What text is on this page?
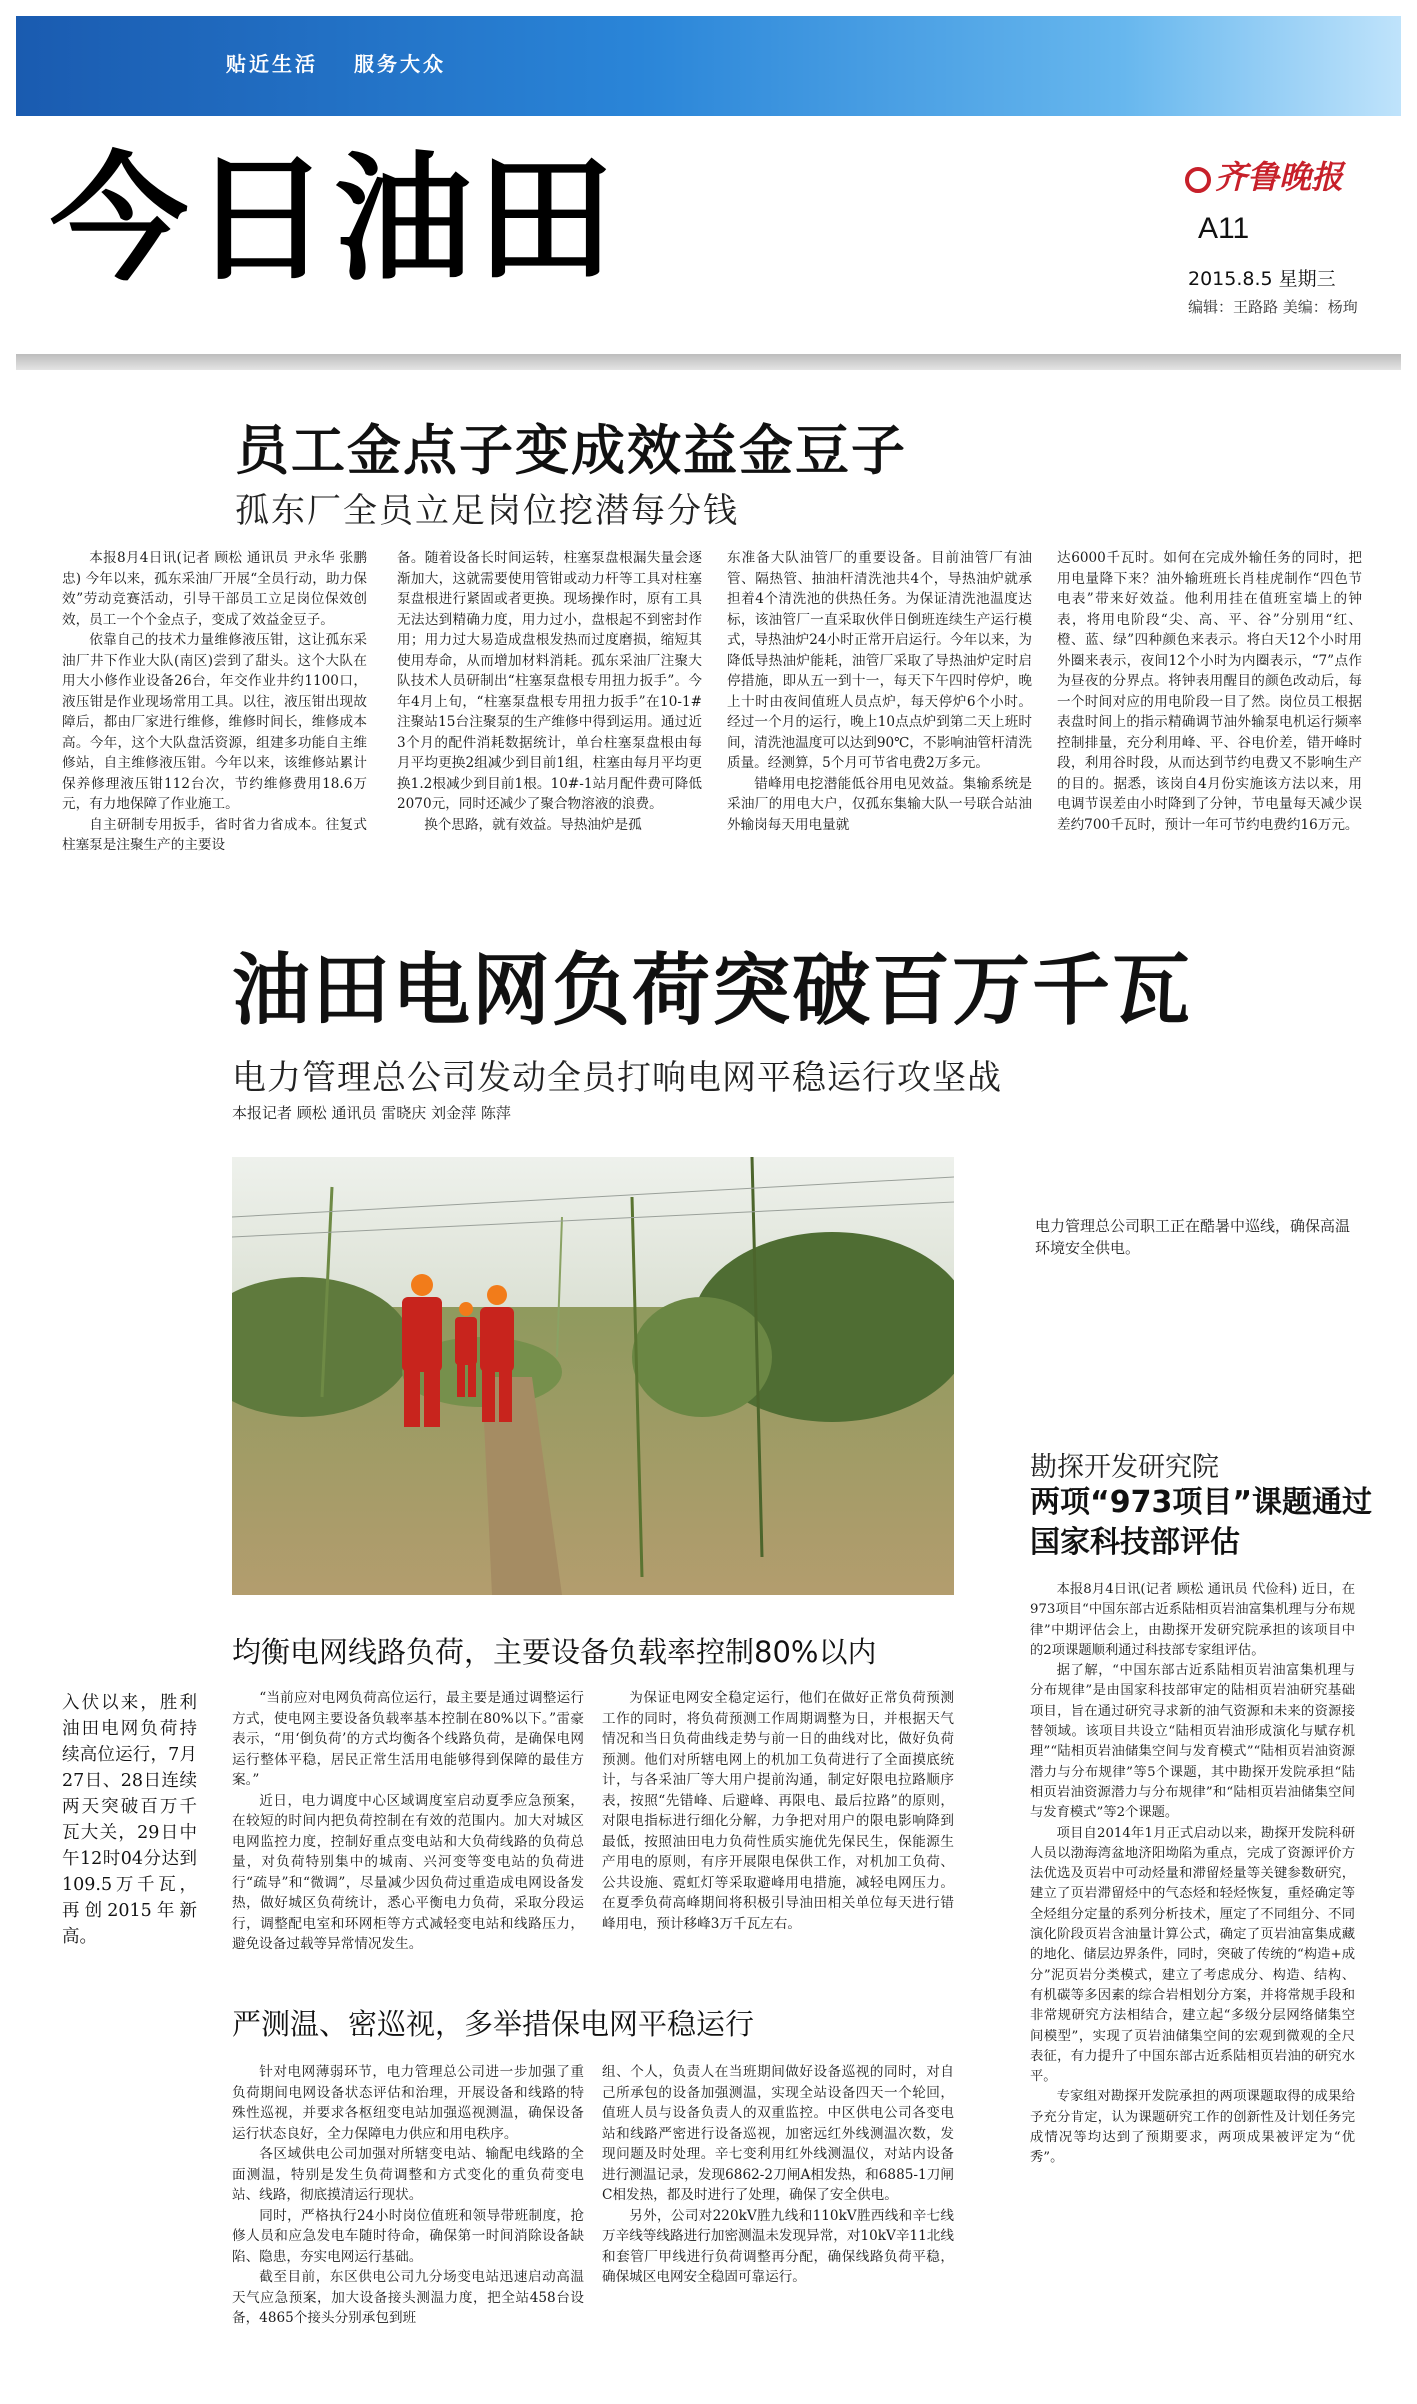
贴近生活 服务大众
今日油田	齐鲁晚报
A11
2015.8.5 星期三
编辑：王路路 美编：杨珣
员工金点子变成效益金豆子
孤东厂全员立足岗位挖潜每分钱

本报8月4日讯(记者 顾松 通讯员 尹永华 张鹏忠) 今年以来，孤东采油厂开展“全员行动，助力保效”劳动竞赛活动，引导干部员工立足岗位保效创效，员工一个个金点子，变成了效益金豆子。

依靠自己的技术力量维修液压钳，这让孤东采油厂井下作业大队(南区)尝到了甜头。这个大队在用大小修作业设备26台，年交作业井约1100口，液压钳是作业现场常用工具。以往，液压钳出现故障后，都由厂家进行维修，维修时间长，维修成本高。今年，这个大队盘活资源，组建多功能自主维修站，自主维修液压钳。今年以来，该维修站累计保养修理液压钳112台次，节约维修费用18.6万元，有力地保障了作业施工。

自主研制专用扳手，省时省力省成本。往复式柱塞泵是注聚生产的主要设

备。随着设备长时间运转，柱塞泵盘根漏失量会逐渐加大，这就需要使用管钳或动力杆等工具对柱塞泵盘根进行紧固或者更换。现场操作时，原有工具无法达到精确力度，用力过小，盘根起不到密封作用；用力过大易造成盘根发热而过度磨损，缩短其使用寿命，从而增加材料消耗。孤东采油厂注聚大队技术人员研制出“柱塞泵盘根专用扭力扳手”。今年4月上旬，“柱塞泵盘根专用扭力扳手”在10-1#注聚站15台注聚泵的生产维修中得到运用。通过近3个月的配件消耗数据统计，单台柱塞泵盘根由每月平均更换2组减少到目前1组，柱塞由每月平均更换1.2根减少到目前1根。10#-1站月配件费可降低2070元，同时还减少了聚合物溶液的浪费。

换个思路，就有效益。导热油炉是孤

东准备大队油管厂的重要设备。目前油管厂有油管、隔热管、抽油杆清洗池共4个，导热油炉就承担着4个清洗池的供热任务。为保证清洗池温度达标，该油管厂一直采取伙伴日倒班连续生产运行模式，导热油炉24小时正常开启运行。今年以来，为降低导热油炉能耗，油管厂采取了导热油炉定时启停措施，即从五一到十一，每天下午四时停炉，晚上十时由夜间值班人员点炉，每天停炉6个小时。经过一个月的运行，晚上10点点炉到第二天上班时间，清洗池温度可以达到90℃，不影响油管杆清洗质量。经测算，5个月可节省电费2万多元。

错峰用电挖潜能低谷用电见效益。集输系统是采油厂的用电大户，仅孤东集输大队一号联合站油外输岗每天用电量就

达6000千瓦时。如何在完成外输任务的同时，把用电量降下来？油外输班班长肖桂虎制作“四色节电表”带来好效益。他利用挂在值班室墙上的钟表，将用电阶段“尖、高、平、谷”分别用“红、橙、蓝、绿”四种颜色来表示。将白天12个小时用外圈来表示，夜间12个小时为内圈表示，“7”点作为昼夜的分界点。将钟表用醒目的颜色改动后，每一个时间对应的用电阶段一目了然。岗位员工根据表盘时间上的指示精确调节油外输泵电机运行频率控制排量，充分利用峰、平、谷电价差，错开峰时段，利用谷时段，从而达到节约电费又不影响生产的目的。据悉，该岗自4月份实施该方法以来，用电调节误差由小时降到了分钟，节电量每天减少误差约700千瓦时，预计一年可节约电费约16万元。

油田电网负荷突破百万千瓦
电力管理总公司发动全员打响电网平稳运行攻坚战
本报记者 顾松 通讯员 雷晓庆 刘金萍 陈萍
电力管理总公司职工正在酷暑中巡线，确保高温环境安全供电。
入伏以来，胜利油田电网负荷持续高位运行，7月27日、28日连续两天突破百万千瓦大关，29日中午12时04分达到109.5万千瓦，再创2015年新高。
均衡电网线路负荷，主要设备负载率控制80%以内

“当前应对电网负荷高位运行，最主要是通过调整运行方式，使电网主要设备负载率基本控制在80%以下。”雷豪表示，“用‘倒负荷’的方式均衡各个线路负荷，是确保电网运行整体平稳，居民正常生活用电能够得到保障的最佳方案。”

近日，电力调度中心区域调度室启动夏季应急预案，在较短的时间内把负荷控制在有效的范围内。加大对城区电网监控力度，控制好重点变电站和大负荷线路的负荷总量，对负荷特别集中的城南、兴河变等变电站的负荷进行“疏导”和“微调”，尽量减少因负荷过重造成电网设备发热，做好城区负荷统计，悉心平衡电力负荷，采取分段运行，调整配电室和环网柜等方式减轻变电站和线路压力，避免设备过载等异常情况发生。

为保证电网安全稳定运行，他们在做好正常负荷预测工作的同时，将负荷预测工作周期调整为日，并根据天气情况和当日负荷曲线走势与前一日的曲线对比，做好负荷预测。他们对所辖电网上的机加工负荷进行了全面摸底统计，与各采油厂等大用户提前沟通，制定好限电拉路顺序表，按照“先错峰、后避峰、再限电、最后拉路”的原则，对限电指标进行细化分解，力争把对用户的限电影响降到最低，按照油田电力负荷性质实施优先保民生，保能源生产用电的原则，有序开展限电保供工作，对机加工负荷、公共设施、霓虹灯等采取避峰用电措施，减轻电网压力。在夏季负荷高峰期间将积极引导油田相关单位每天进行错峰用电，预计移峰3万千瓦左右。

严测温、密巡视，多举措保电网平稳运行

针对电网薄弱环节，电力管理总公司进一步加强了重负荷期间电网设备状态评估和治理，开展设备和线路的特殊性巡视，并要求各枢纽变电站加强巡视测温，确保设备运行状态良好，全力保障电力供应和用电秩序。

各区域供电公司加强对所辖变电站、输配电线路的全面测温，特别是发生负荷调整和方式变化的重负荷变电站、线路，彻底摸清运行现状。

同时，严格执行24小时岗位值班和领导带班制度，抢修人员和应急发电车随时待命，确保第一时间消除设备缺陷、隐患，夯实电网运行基础。

截至目前，东区供电公司九分场变电站迅速启动高温天气应急预案，加大设备接头测温力度，把全站458台设备，4865个接头分别承包到班

组、个人，负责人在当班期间做好设备巡视的同时，对自己所承包的设备加强测温，实现全站设备四天一个轮回，值班人员与设备负责人的双重监控。中区供电公司各变电站和线路严密进行设备巡视，加密远红外线测温次数，发现问题及时处理。辛七变利用红外线测温仪，对站内设备进行测温记录，发现6862-2刀闸A相发热，和6885-1刀闸C相发热，都及时进行了处理，确保了安全供电。

另外，公司对220kV胜九线和110kV胜西线和辛七线万辛线等线路进行加密测温未发现异常，对10kV辛11北线和套管厂甲线进行负荷调整再分配，确保线路负荷平稳，确保城区电网安全稳固可靠运行。

勘探开发研究院
两项“973项目”课题通过国家科技部评估

本报8月4日讯(记者 顾松 通讯员 代俭科) 近日，在973项目“中国东部古近系陆相页岩油富集机理与分布规律”中期评估会上，由勘探开发研究院承担的该项目中的2项课题顺利通过科技部专家组评估。

据了解，“中国东部古近系陆相页岩油富集机理与分布规律”是由国家科技部审定的陆相页岩油研究基础项目，旨在通过研究寻求新的油气资源和未来的资源接替领域。该项目共设立“陆相页岩油形成演化与赋存机理”“陆相页岩油储集空间与发育模式”“陆相页岩油资源潜力与分布规律”等5个课题，其中勘探开发院承担“陆相页岩油资源潜力与分布规律”和“陆相页岩油储集空间与发育模式”等2个课题。

项目自2014年1月正式启动以来，勘探开发院科研人员以渤海湾盆地济阳坳陷为重点，完成了资源评价方法优选及页岩中可动烃量和滞留烃量等关键参数研究，建立了页岩滞留烃中的气态烃和轻烃恢复，重烃确定等全烃组分定量的系列分析技术，厘定了不同组分、不同演化阶段页岩含油量计算公式，确定了页岩油富集成藏的地化、储层边界条件，同时，突破了传统的“构造+成分”泥页岩分类模式，建立了考虑成分、构造、结构、有机碳等多因素的综合岩相划分方案，并将常规手段和非常规研究方法相结合，建立起“多级分层网络储集空间模型”，实现了页岩油储集空间的宏观到微观的全尺表征，有力提升了中国东部古近系陆相页岩油的研究水平。

专家组对勘探开发院承担的两项课题取得的成果给予充分肯定，认为课题研究工作的创新性及计划任务完成情况等均达到了预期要求，两项成果被评定为“优秀”。
